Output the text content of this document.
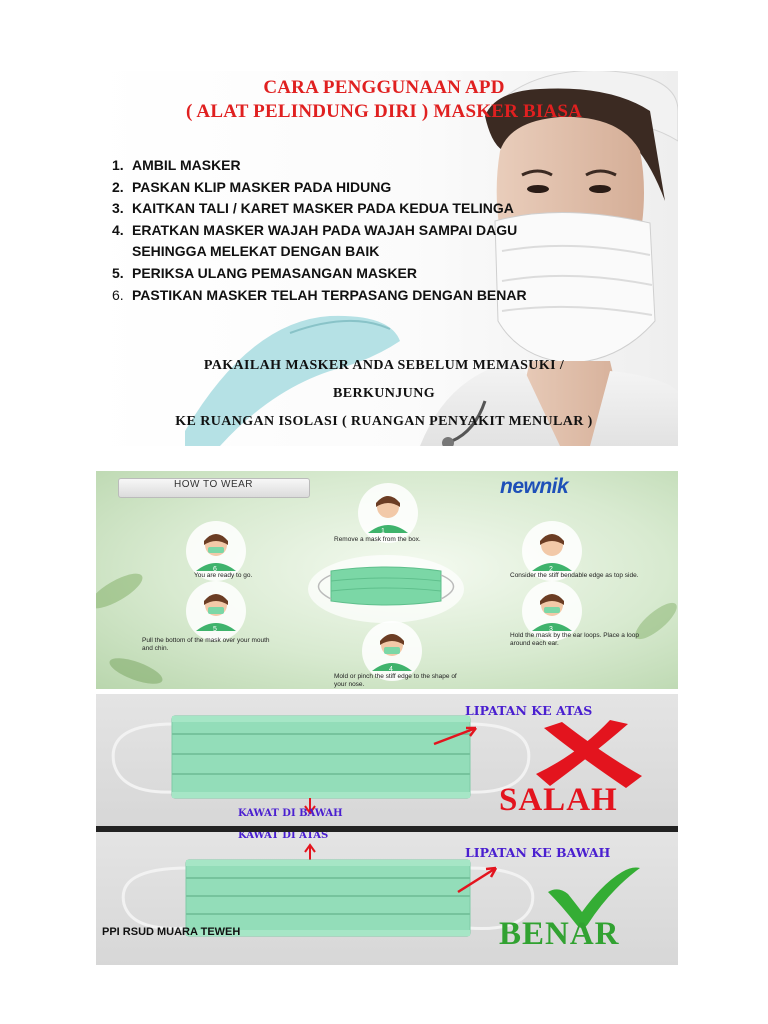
CARA PENGGUNAAN APD

( ALAT PELINDUNG DIRI ) MASKER BIASA

1. AMBIL MASKER
2. PASKAN KLIP MASKER PADA HIDUNG
3. KAITKAN TALI / KARET MASKER PADA KEDUA TELINGA
4. ERATKAN MASKER WAJAH PADA WAJAH SAMPAI DAGU
SEHINGGA MELEKAT DENGAN BAIK
5. PERIKSA ULANG PEMASANGAN MASKER
6. PASTIKAN MASKER TELAH TERPASANG DENGAN BENAR

PAKAILAH MASKER ANDA SEBELUM MEMASUKI /

BERKUNJUNG

KE RUANGAN ISOLASI ( RUANGAN PENYAKIT MENULAR )

1
6	2
5	3
4
HOW TO WEAR	newnik
Remove a mask from the box.
You are ready to go.	Consider the stiff bendable edge as top side.
Pull the bottom of the mask over your mouth and chin.
Hold the mask by the ear loops. Place a loop around each ear.
Mold or pinch the stiff edge to the shape of your nose.

LIPATAN KE ATAS

KAWAT DI BAWAH	SALAH

KAWAT DI ATAS

LIPATAN KE BAWAH

PPI RSUD MUARA TEWEH	BENAR
